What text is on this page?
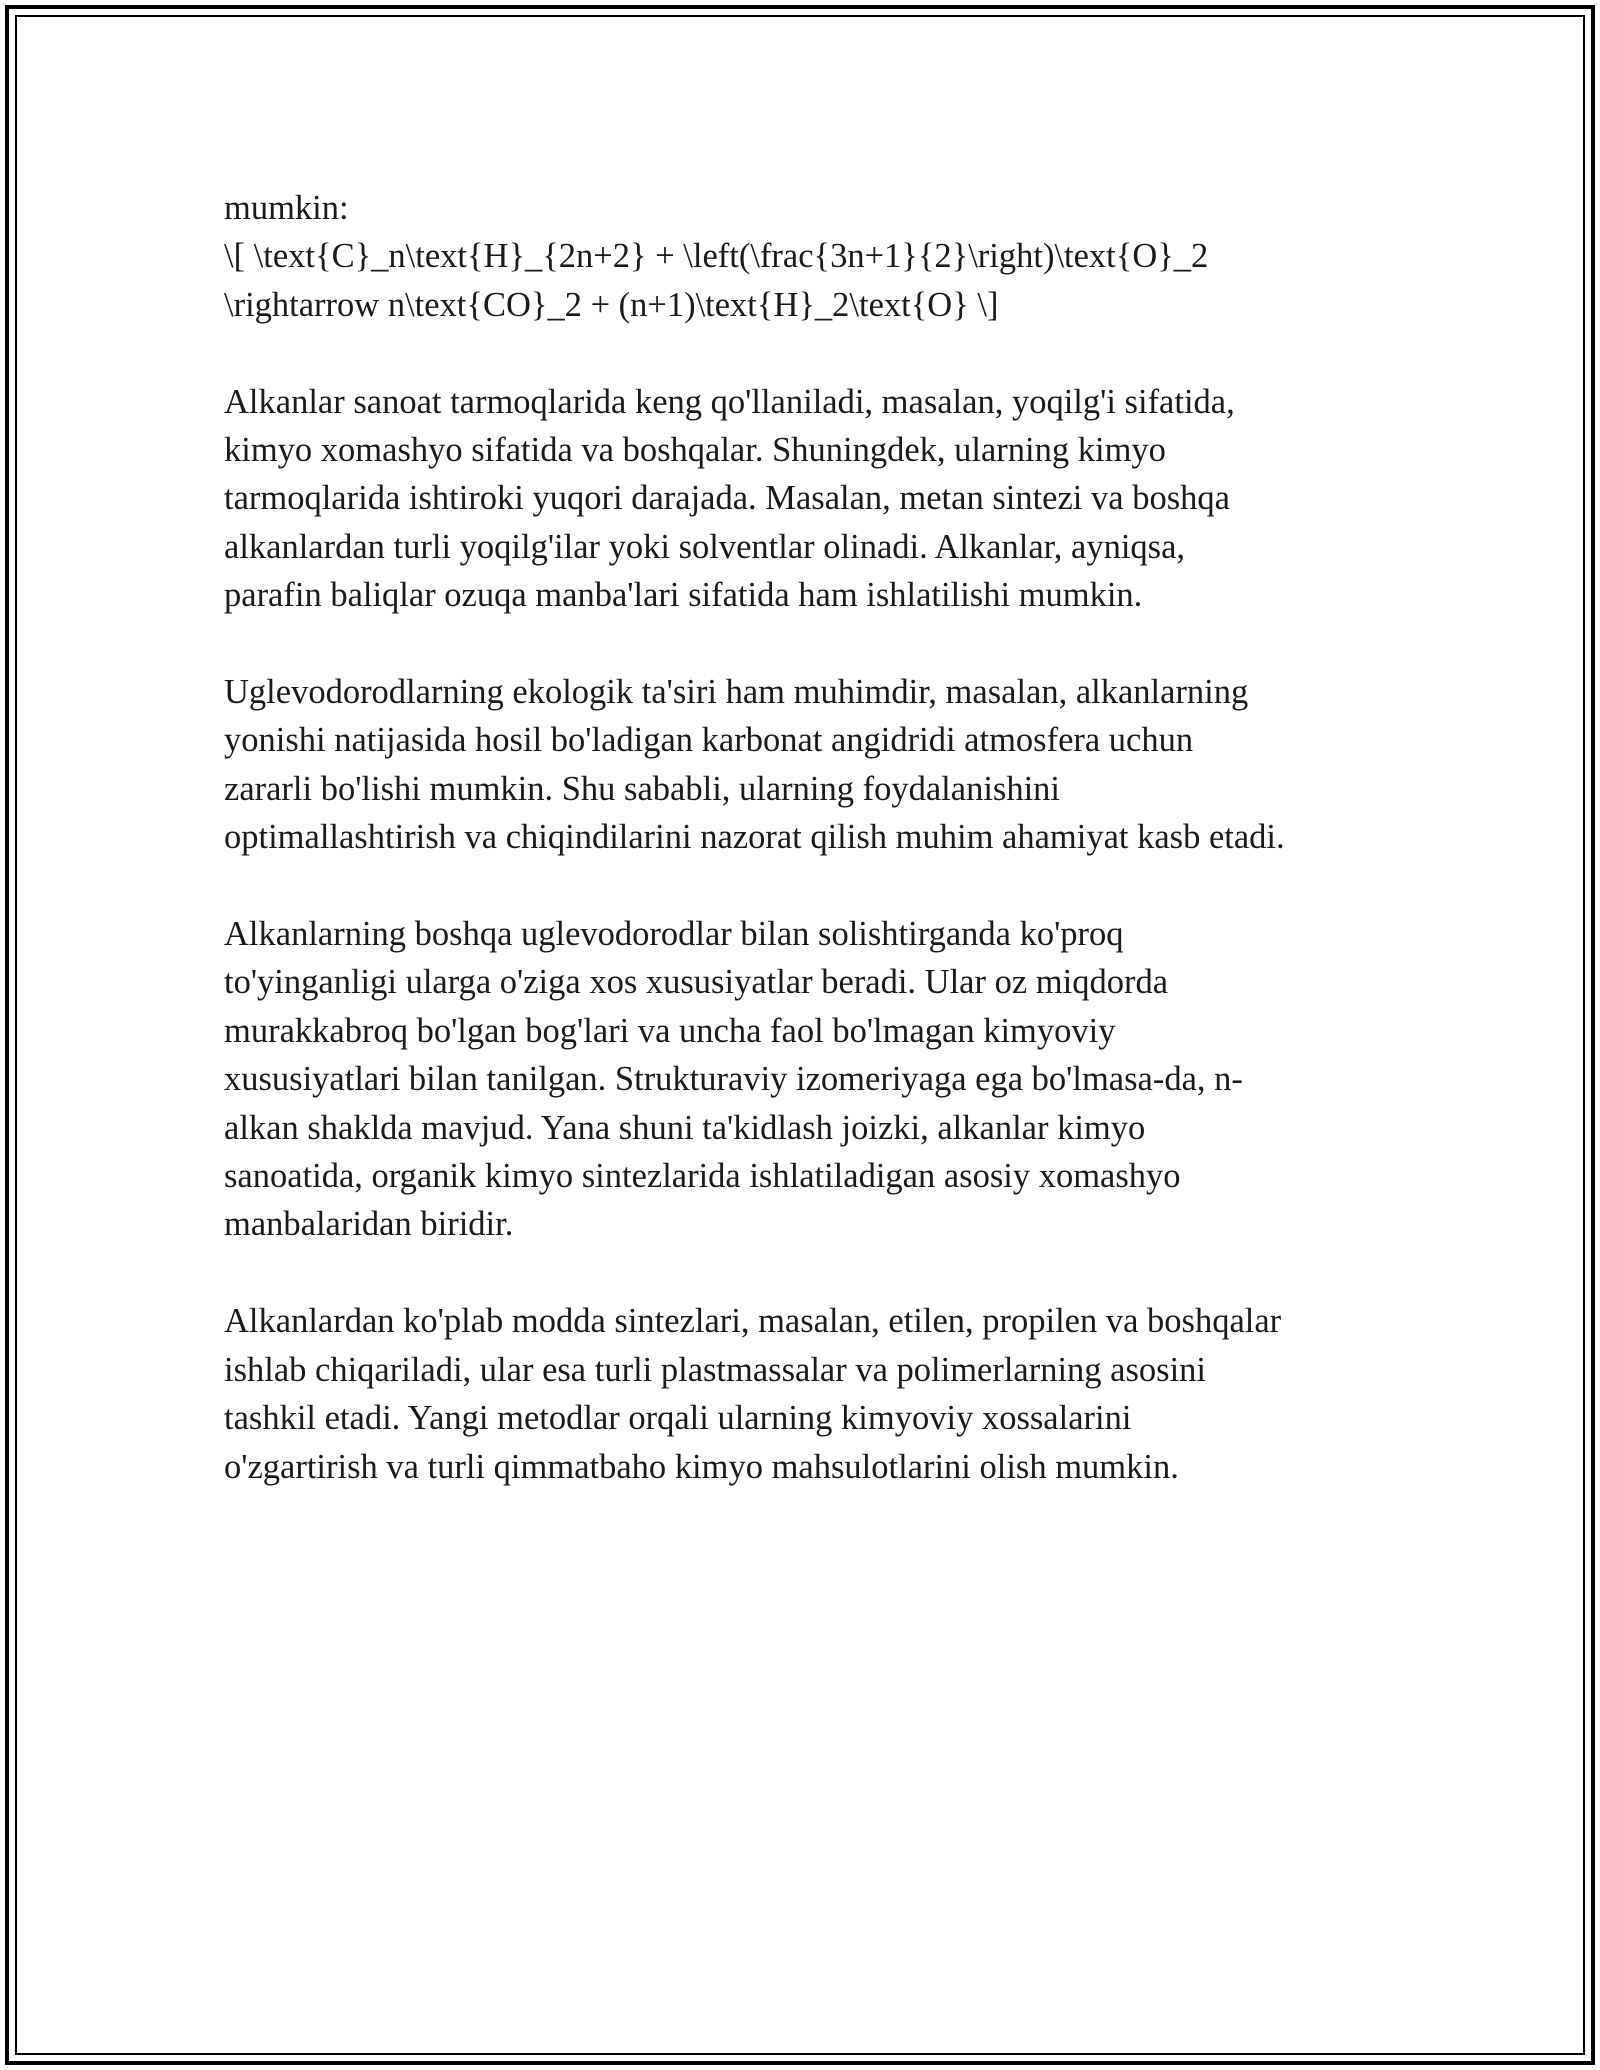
mumkin:
\[ \text{C}_n\text{H}_{2n+2} + \left(\frac{3n+1}{2}\right)\text{O}_2
\rightarrow n\text{CO}_2 + (n+1)\text{H}_2\text{O} \]
Alkanlar sanoat tarmoqlarida keng qo'llaniladi, masalan, yoqilg'i sifatida,
kimyo xomashyo sifatida va boshqalar. Shuningdek, ularning kimyo
tarmoqlarida ishtiroki yuqori darajada. Masalan, metan sintezi va boshqa
alkanlardan turli yoqilg'ilar yoki solventlar olinadi. Alkanlar, ayniqsa,
parafin baliqlar ozuqa manba'lari sifatida ham ishlatilishi mumkin.
Uglevodorodlarning ekologik ta'siri ham muhimdir, masalan, alkanlarning
yonishi natijasida hosil bo'ladigan karbonat angidridi atmosfera uchun
zararli bo'lishi mumkin. Shu sababli, ularning foydalanishini
optimallashtirish va chiqindilarini nazorat qilish muhim ahamiyat kasb etadi.
Alkanlarning boshqa uglevodorodlar bilan solishtirganda ko'proq
to'yinganligi ularga o'ziga xos xususiyatlar beradi. Ular oz miqdorda
murakkabroq bo'lgan bog'lari va uncha faol bo'lmagan kimyoviy
xususiyatlari bilan tanilgan. Strukturaviy izomeriyaga ega bo'lmasa-da, n-
alkan shaklda mavjud. Yana shuni ta'kidlash joizki, alkanlar kimyo
sanoatida, organik kimyo sintezlarida ishlatiladigan asosiy xomashyo
manbalaridan biridir.
Alkanlardan ko'plab modda sintezlari, masalan, etilen, propilen va boshqalar
ishlab chiqariladi, ular esa turli plastmassalar va polimerlarning asosini
tashkil etadi. Yangi metodlar orqali ularning kimyoviy xossalarini
o'zgartirish va turli qimmatbaho kimyo mahsulotlarini olish mumkin.
